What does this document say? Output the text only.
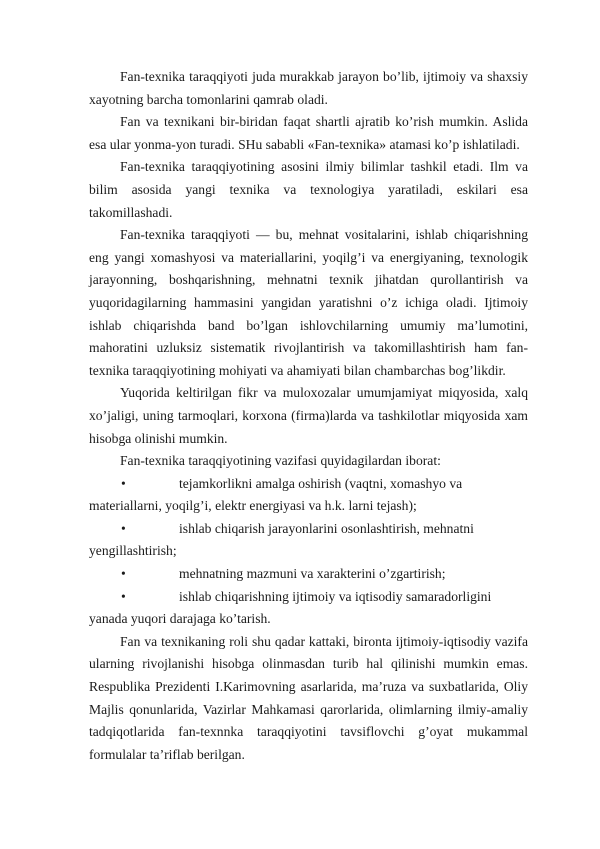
Fan-texnika taraqqiyoti juda murakkab jarayon bo’lib, ijtimoiy va shaxsiy xayotning barcha tomonlarini qamrab oladi.

Fan va texnikani bir-biridan faqat shartli ajratib ko’rish mumkin. Aslida esa ular yonma-yon turadi. SHu sababli «Fan-texnika» atamasi ko’p ishlatiladi.

Fan-texnika taraqqiyotining asosini ilmiy bilimlar tashkil etadi. Ilm va bilim asosida yangi texnika va texnologiya yaratiladi, eskilari esa takomillashadi.

Fan-texnika taraqqiyoti — bu, mehnat vositalarini, ishlab chiqarishning eng yangi xomashyosi va materiallarini, yoqilg’i va energiyaning, texnologik jarayonning, boshqarishning, mehnatni texnik jihatdan qurollantirish va yuqoridagilarning hammasini yangidan yaratishni o’z ichiga oladi. Ijtimoiy ishlab chiqarishda band bo’lgan ishlovchilarning umumiy ma’lumotini, mahoratini uzluksiz sistematik rivojlantirish va takomillashtirish ham fan-texnika taraqqiyotining mohiyati va ahamiyati bilan chambarchas bog’likdir.

Yuqorida keltirilgan fikr va muloxozalar umumjamiyat miqyosida, xalq xo’jaligi, uning tarmoqlari, korxona (firma)larda va tashkilotlar miqyosida xam hisobga olinishi mumkin.

Fan-texnika taraqqiyotining vazifasi quyidagilardan iborat:

•	tejamkorlikni amalga oshirish (vaqtni, xomashyo va
materiallarni, yoqilg’i, elektr energiyasi va h.k. larni tejash);

•	ishlab chiqarish jarayonlarini osonlashtirish, mehnatni
yengillashtirish;

•	mehnatning mazmuni va xarakterini o’zgartirish;

•	ishlab chiqarishning ijtimoiy va iqtisodiy samaradorligini
yanada yuqori darajaga ko’tarish.

Fan va texnikaning roli shu qadar kattaki, bironta ijtimoiy-iqtisodiy vazifa ularning rivojlanishi hisobga olinmasdan turib hal qilinishi mumkin emas. Respublika Prezidenti I.Karimovning asarlarida, ma’ruza va suxbatlarida, Oliy Majlis qonunlarida, Vazirlar Mahkamasi qarorlarida, olimlarning ilmiy-amaliy tadqiqotlarida fan-texnnka taraqqiyotini tavsiflovchi g’oyat mukammal formulalar ta’riflab berilgan.
